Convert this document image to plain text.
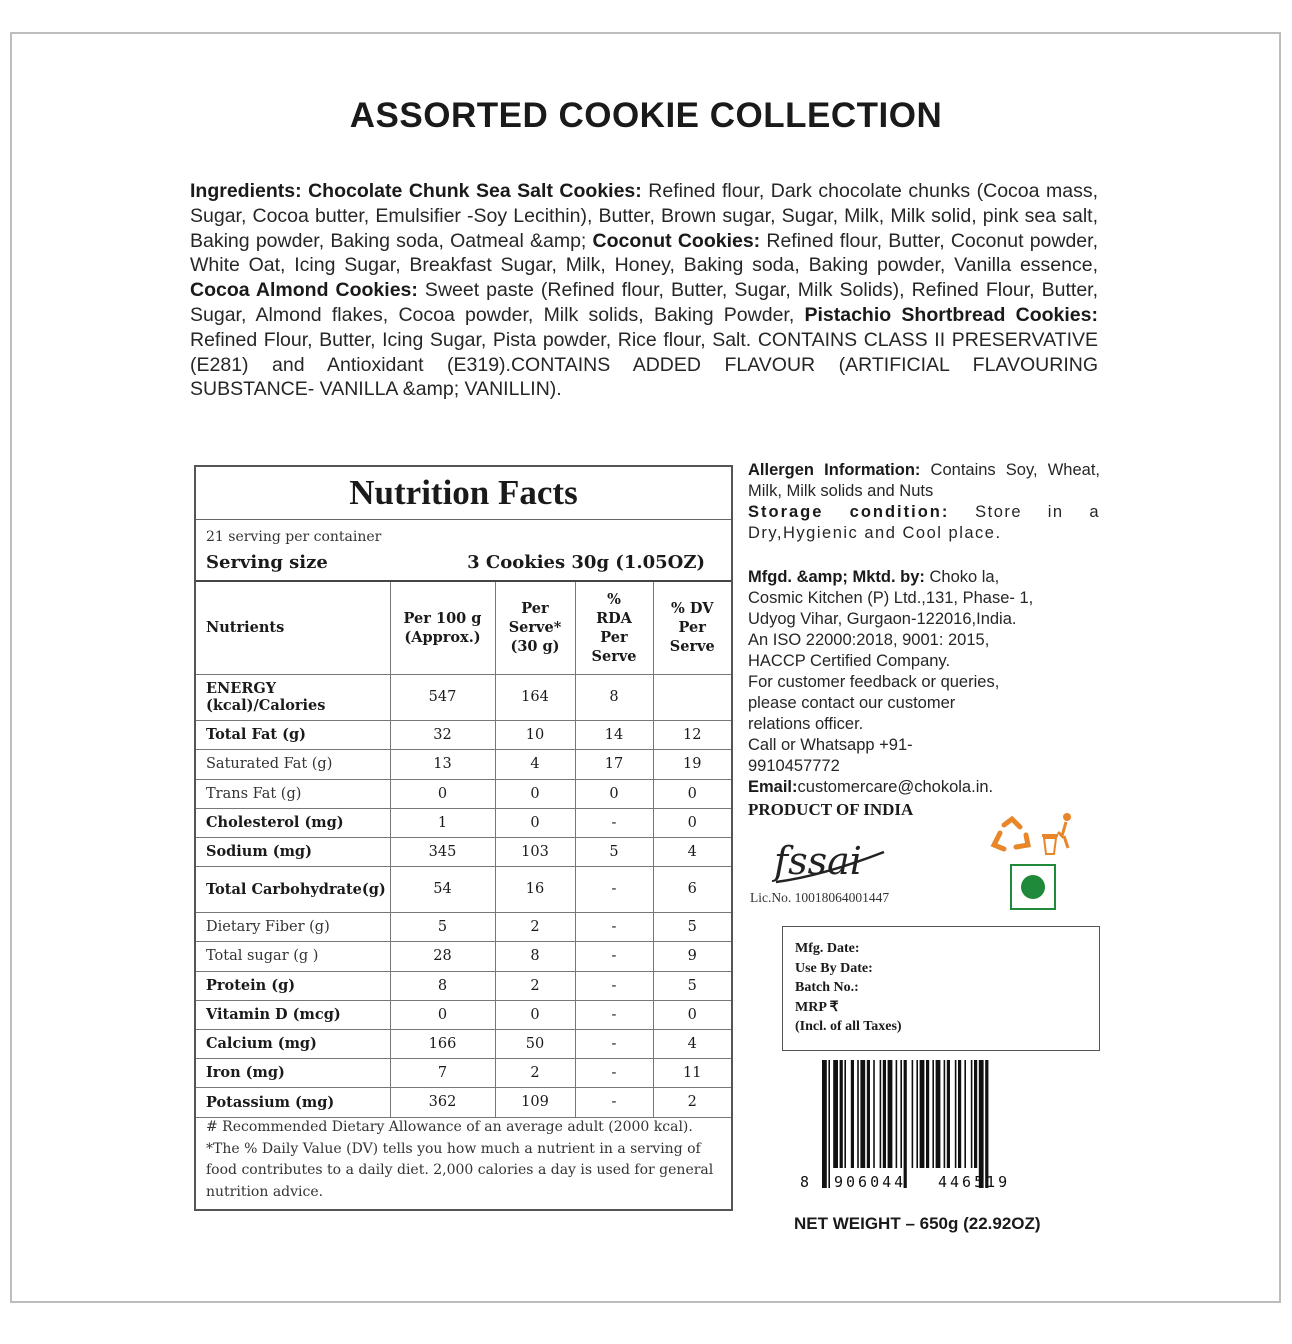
ASSORTED COOKIE COLLECTION
Ingredients: Chocolate Chunk Sea Salt Cookies: Refined flour, Dark chocolate chunks (Cocoa mass, Sugar, Cocoa butter, Emulsifier -Soy Lecithin), Butter, Brown sugar, Sugar, Milk, Milk solid, pink sea salt, Baking powder, Baking soda, Oatmeal &amp; Coconut Cookies: Refined flour, Butter, Coconut powder, White Oat, Icing Sugar, Breakfast Sugar, Milk, Honey, Baking soda, Baking powder, Vanilla essence, Cocoa Almond Cookies: Sweet paste (Refined flour, Butter, Sugar, Milk Solids), Refined Flour, Butter, Sugar, Almond flakes, Cocoa powder, Milk solids, Baking Powder, Pistachio Shortbread Cookies: Refined Flour, Butter, Icing Sugar, Pista powder, Rice flour, Salt. CONTAINS CLASS II PRESERVATIVE (E281) and Antioxidant (E319).CONTAINS ADDED FLAVOUR (ARTIFICIAL FLAVOURING SUBSTANCE- VANILLA &amp; VANILLIN).
Nutrition Facts
21 serving per container
Serving size	3 Cookies 30g (1.05OZ)
Nutrients	Per 100 g (Approx.)	Per Serve* (30 g)	% RDA Per Serve	% DV Per Serve
ENERGY (kcal)/Calories	547	164	8	
Total Fat (g)	32	10	14	12
Saturated Fat (g)	13	4	17	19
Trans Fat (g)	0	0	0	0
Cholesterol (mg)	1	0	-	0
Sodium (mg)	345	103	5	4
Total Carbohydrate(g)	54	16	-	6
Dietary Fiber (g)	5	2	-	5
Total sugar (g )	28	8	-	9
Protein (g)	8	2	-	5
Vitamin D (mcg)	0	0	-	0
Calcium (mg)	166	50	-	4
Iron (mg)	7	2	-	11
Potassium (mg)	362	109	-	2
# Recommended Dietary Allowance of an average adult (2000 kcal). *The % Daily Value (DV) tells you how much a nutrient in a serving of food contributes to a daily diet. 2,000 calories a day is used for general nutrition advice.
Allergen Information: Contains Soy, Wheat, Milk, Milk solids and Nuts
Storage condition: Store in a Dry,Hygienic and Cool place.
Mfgd. &amp; Mktd. by: Choko la,
Cosmic Kitchen (P) Ltd.,131, Phase- 1,
Udyog Vihar, Gurgaon-122016,India.
An ISO 22000:2018, 9001: 2015,
HACCP Certified Company.
For customer feedback or queries,
please contact our customer
relations officer.
Call or Whatsapp +91-
9910457772
Email:customercare@chokola.in.
PRODUCT OF INDIA
fssai
Lic.No. 10018064001447
Mfg. Date:
Use By Date:
Batch No.:
MRP ₹
(Incl. of all Taxes)
8 906044 446519
NET WEIGHT – 650g (22.92OZ)
